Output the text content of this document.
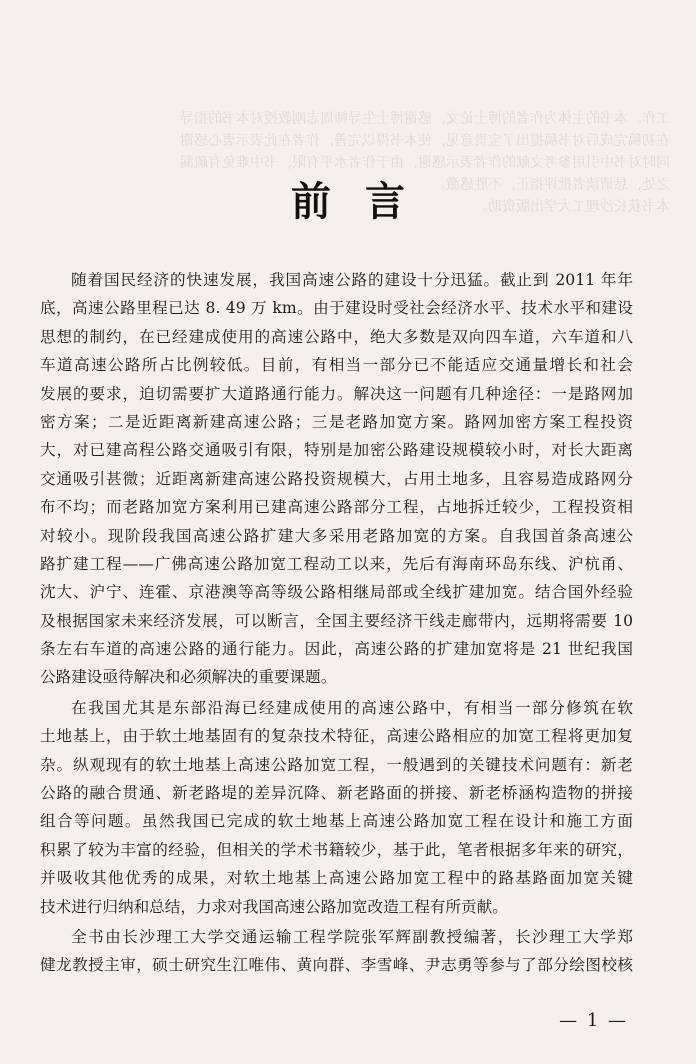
工作。本书的主体为作者的博士论文，感谢博士生导师周志刚教授对本书的指导
在初稿完成后对书稿提出了宝贵意见，使本书得以完善，作者在此表示衷心感谢
同时对书中引用参考文献的作者表示感谢，由于作者水平有限，书中难免有疏漏
之处，恳请读者批评指正，不胜感激。
本书获长沙理工大学出版资助。
前言
随着国民经济的快速发展，我国高速公路的建设十分迅猛。截止到 2011 年年
底，高速公路里程已达 8. 49 万 km。由于建设时受社会经济水平、技术水平和建设
思想的制约，在已经建成使用的高速公路中，绝大多数是双向四车道，六车道和八
车道高速公路所占比例较低。目前，有相当一部分已不能适应交通量增长和社会
发展的要求，迫切需要扩大道路通行能力。解决这一问题有几种途径：一是路网加
密方案；二是近距离新建高速公路；三是老路加宽方案。路网加密方案工程投资
大，对已建高程公路交通吸引有限，特别是加密公路建设规模较小时，对长大距离
交通吸引甚微；近距离新建高速公路投资规模大，占用土地多，且容易造成路网分
布不均；而老路加宽方案利用已建高速公路部分工程，占地拆迁较少，工程投资相
对较小。现阶段我国高速公路扩建大多采用老路加宽的方案。自我国首条高速公
路扩建工程——广佛高速公路加宽工程动工以来，先后有海南环岛东线、沪杭甬、
沈大、沪宁、连霍、京港澳等高等级公路相继局部或全线扩建加宽。结合国外经验
及根据国家未来经济发展，可以断言，全国主要经济干线走廊带内，远期将需要 10
条左右车道的高速公路的通行能力。因此，高速公路的扩建加宽将是 21 世纪我国
公路建设亟待解决和必须解决的重要课题。
在我国尤其是东部沿海已经建成使用的高速公路中，有相当一部分修筑在软
土地基上，由于软土地基固有的复杂技术特征，高速公路相应的加宽工程将更加复
杂。纵观现有的软土地基上高速公路加宽工程，一般遇到的关键技术问题有：新老
公路的融合贯通、新老路堤的差异沉降、新老路面的拼接、新老桥涵构造物的拼接
组合等问题。虽然我国已完成的软土地基上高速公路加宽工程在设计和施工方面
积累了较为丰富的经验，但相关的学术书籍较少，基于此，笔者根据多年来的研究，
并吸收其他优秀的成果，对软土地基上高速公路加宽工程中的路基路面加宽关键
技术进行归纳和总结，力求对我国高速公路加宽改造工程有所贡献。
全书由长沙理工大学交通运输工程学院张军辉副教授编著，长沙理工大学郑
健龙教授主审，硕士研究生江唯伟、黄向群、李雪峰、尹志勇等参与了部分绘图校核
— 1 —
